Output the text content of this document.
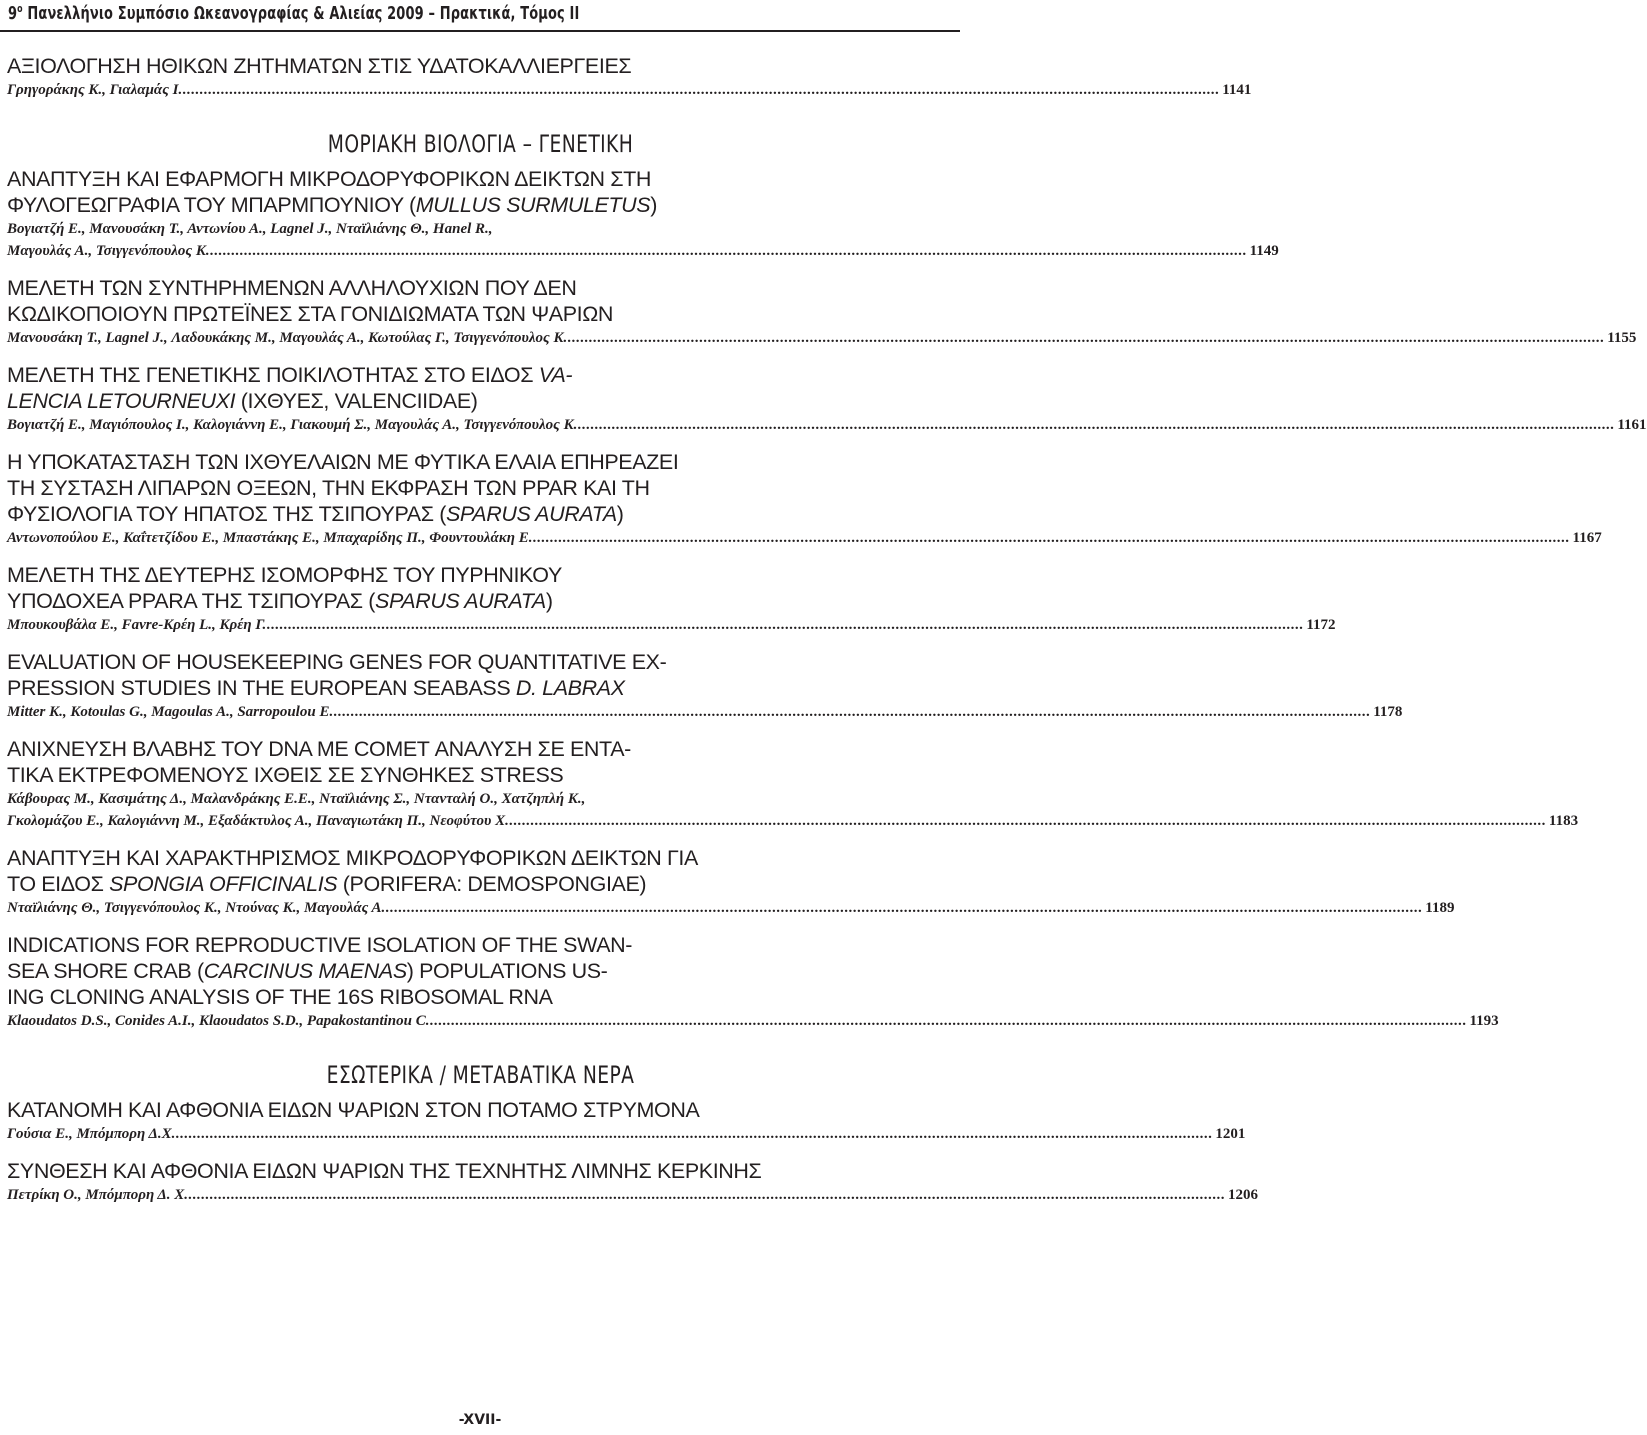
$9^o$ Πανελλήνιο Συμπόσιο Ωκεανογραφίας & Αλιείας 2009 – Πρακτικά, Τόμος II

ΑΞΙΟΛΟΓΗΣΗ ΗΘΙΚΩΝ ΖΗΤΗΜΑΤΩΝ ΣΤΙΣ ΥΔΑΤΟΚΑΛΛΙΕΡΓΕΙΕΣ

Γρηγοράκης Κ., Γιαλαμάς Ι. .................................................................................................................................................................................................................................................... 1141

ΜΟΡΙΑΚΗ ΒΙΟΛΟΓΙΑ – ΓΕΝΕΤΙΚΗ

ΑΝΑΠΤΥΞΗ ΚΑΙ ΕΦΑΡΜΟΓΗ ΜΙΚΡΟΔΟΡΥΦΟΡΙΚΩΝ ΔΕΙΚΤΩΝ ΣΤΗ
ΦΥΛΟΓΕΩΓΡΑΦΙΑ ΤΟΥ ΜΠΑΡΜΠΟΥΝΙΟΥ (MULLUS SURMULETUS)

Βογιατζή Ε., Μανουσάκη Τ., Αντωνίου Α., Lagnel J., Νταϊλιάνης Θ., Hanel R.,
Μαγουλάς Α., Τσιγγενόπουλος Κ. .................................................................................................................................................................................................................................................... 1149

ΜΕΛΕΤΗ ΤΩΝ ΣΥΝΤΗΡΗΜΕΝΩΝ ΑΛΛΗΛΟΥΧΙΩΝ ΠΟΥ ΔΕΝ
ΚΩΔΙΚΟΠΟΙΟΥΝ ΠΡΩΤΕΪΝΕΣ ΣΤΑ ΓΟΝΙΔΙΩΜΑΤΑ ΤΩΝ ΨΑΡΙΩΝ

Μανουσάκη Τ., Lagnel J., Λαδουκάκης Μ., Μαγουλάς Α., Κωτούλας Γ., Τσιγγενόπουλος Κ. .................................................................................................................................................................................................................................................... 1155

ΜΕΛΕΤΗ ΤΗΣ ΓΕΝΕΤΙΚΗΣ ΠΟΙΚΙΛΟΤΗΤΑΣ ΣΤΟ ΕΙΔΟΣ VA-
LENCIA LETOURNEUXI (ΙΧΘΥΕΣ, VALENCIIDAE)

Βογιατζή Ε., Μαγιόπουλος Ι., Καλογιάννη Ε., Γιακουμή Σ., Μαγουλάς Α., Τσιγγενόπουλος Κ. .................................................................................................................................................................................................................................................... 1161

Η ΥΠΟΚΑΤΑΣΤΑΣΗ ΤΩΝ ΙΧΘΥΕΛΑΙΩΝ ΜΕ ΦΥΤΙΚΑ ΕΛΑΙΑ ΕΠΗΡΕΑΖΕΙ
ΤΗ ΣΥΣΤΑΣΗ ΛΙΠΑΡΩΝ ΟΞΕΩΝ, ΤΗΝ ΕΚΦΡΑΣΗ ΤΩΝ PPAR ΚΑΙ ΤΗ
ΦΥΣΙΟΛΟΓΙΑ ΤΟΥ ΗΠΑΤΟΣ ΤΗΣ ΤΣΙΠΟΥΡΑΣ (SPARUS AURATA)

Αντωνοπούλου Ε., Καΐτετζίδου Ε., Μπαστάκης Ε., Μπαχαρίδης Π., Φουντουλάκη Ε. .................................................................................................................................................................................................................................................... 1167

ΜΕΛΕΤΗ ΤΗΣ ΔΕΥΤΕΡΗΣ ΙΣΟΜΟΡΦΗΣ ΤΟΥ ΠΥΡΗΝΙΚΟΥ
ΥΠΟΔΟΧΕΑ PPARA ΤΗΣ ΤΣΙΠΟΥΡΑΣ (SPARUS AURATA)

Μπουκουβάλα Ε., Favre-Κρέη L., Κρέη Γ. .................................................................................................................................................................................................................................................... 1172

EVALUATION OF HOUSEKEEPING GENES FOR QUANTITATIVE EX-
PRESSION STUDIES IN THE EUROPEAN SEABASS D. LABRAX

Mitter K., Kotoulas G., Magoulas A., Sarropoulou E. .................................................................................................................................................................................................................................................... 1178

ΑΝΙΧΝΕΥΣΗ ΒΛΑΒΗΣ ΤΟΥ DNA ΜΕ COMET ΑΝΑΛΥΣΗ ΣΕ ΕΝΤΑ-
ΤΙΚΑ ΕΚΤΡΕΦΟΜΕΝΟΥΣ ΙΧΘΕΙΣ ΣΕ ΣΥΝΘΗΚΕΣ STRESS

Κάβουρας Μ., Κασιμάτης Δ., Μαλανδράκης Ε.Ε., Νταϊλιάνης Σ., Ντανταλή Ο., Χατζηπλή Κ.,
Γκολομάζου Ε., Καλογιάννη Μ., Εξαδάκτυλος Α., Παναγιωτάκη Π., Νεοφύτου Χ. .................................................................................................................................................................................................................................................... 1183

ΑΝΑΠΤΥΞΗ ΚΑΙ ΧΑΡΑΚΤΗΡΙΣΜΟΣ ΜΙΚΡΟΔΟΡΥΦΟΡΙΚΩΝ ΔΕΙΚΤΩΝ ΓΙΑ
ΤΟ ΕΙΔΟΣ SPONGIA OFFICINALIS (PORIFERA: DEMOSPONGIAE)

Νταϊλιάνης Θ., Τσιγγενόπουλος Κ., Ντούνας Κ., Μαγουλάς Α. .................................................................................................................................................................................................................................................... 1189

INDICATIONS FOR REPRODUCTIVE ISOLATION OF THE SWAN-
SEA SHORE CRAB (CARCINUS MAENAS) POPULATIONS US-
ING CLONING ANALYSIS OF THE 16S RIBOSOMAL RNA

Klaoudatos D.S., Conides A.I., Klaoudatos S.D., Papakostantinou C. .................................................................................................................................................................................................................................................... 1193

ΕΣΩΤΕΡΙΚΑ / ΜΕΤΑΒΑΤΙΚΑ ΝΕΡΑ

ΚΑΤΑΝΟΜΗ ΚΑΙ ΑΦΘΟΝΙΑ ΕΙΔΩΝ ΨΑΡΙΩΝ ΣΤΟΝ ΠΟΤΑΜΟ ΣΤΡΥΜΟΝΑ

Γούσια Ε., Μπόμπορη Δ.Χ. .................................................................................................................................................................................................................................................... 1201

ΣΥΝΘΕΣΗ ΚΑΙ ΑΦΘΟΝΙΑ ΕΙΔΩΝ ΨΑΡΙΩΝ ΤΗΣ ΤΕΧΝΗΤΗΣ ΛΙΜΝΗΣ ΚΕΡΚΙΝΗΣ

Πετρίκη Ο., Μπόμπορη Δ. Χ. .................................................................................................................................................................................................................................................... 1206
-XVII-
